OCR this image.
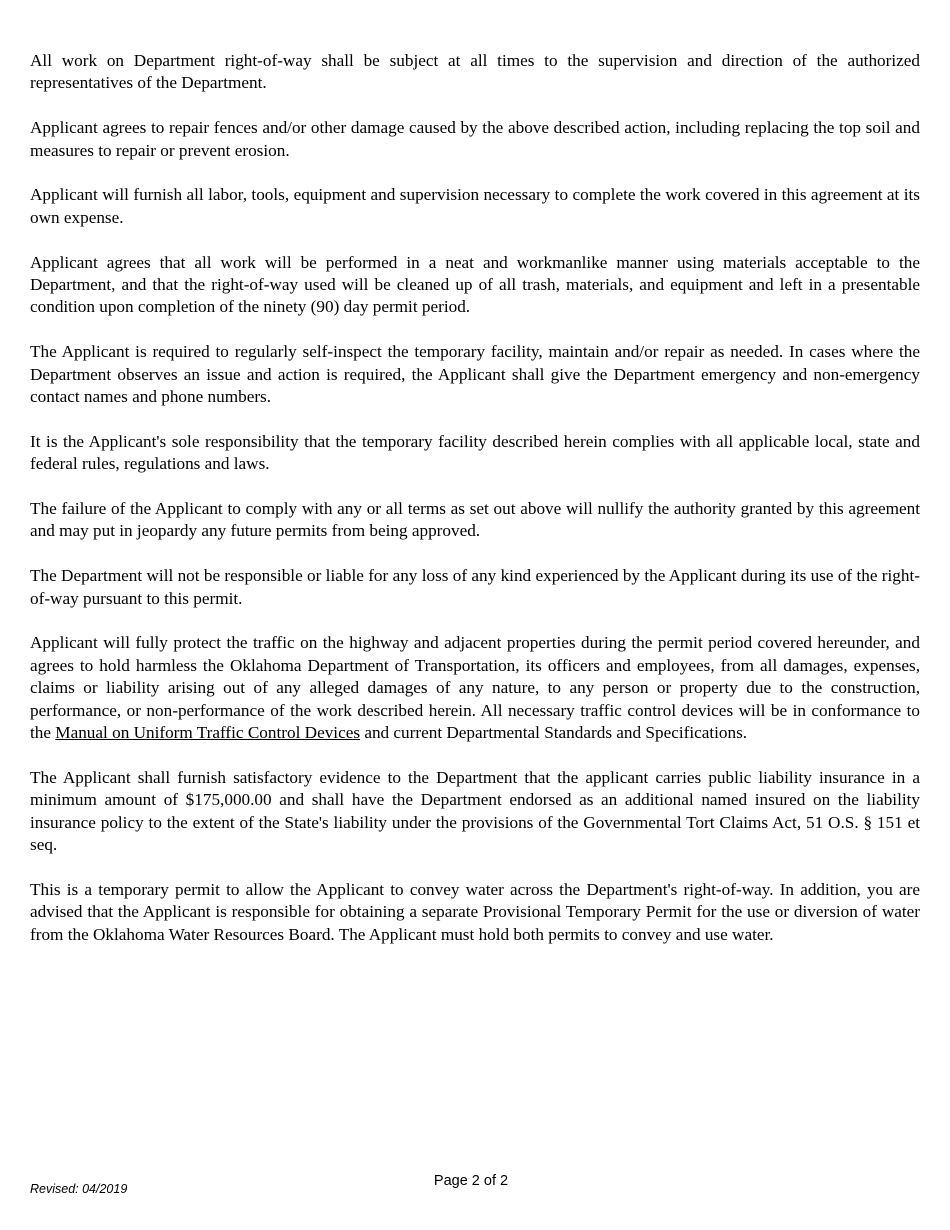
All work on Department right-of-way shall be subject at all times to the supervision and direction of the authorized representatives of the Department.

Applicant agrees to repair fences and/or other damage caused by the above described action, including replacing the top soil and measures to repair or prevent erosion.

Applicant will furnish all labor, tools, equipment and supervision necessary to complete the work covered in this agreement at its own expense.

Applicant agrees that all work will be performed in a neat and workmanlike manner using materials acceptable to the Department, and that the right-of-way used will be cleaned up of all trash, materials, and equipment and left in a presentable condition upon completion of the ninety (90) day permit period.

The Applicant is required to regularly self-inspect the temporary facility, maintain and/or repair as needed. In cases where the Department observes an issue and action is required, the Applicant shall give the Department emergency and non-emergency contact names and phone numbers.

It is the Applicant's sole responsibility that the temporary facility described herein complies with all applicable local, state and federal rules, regulations and laws.

The failure of the Applicant to comply with any or all terms as set out above will nullify the authority granted by this agreement and may put in jeopardy any future permits from being approved.

The Department will not be responsible or liable for any loss of any kind experienced by the Applicant during its use of the right-of-way pursuant to this permit.

Applicant will fully protect the traffic on the highway and adjacent properties during the permit period covered hereunder, and agrees to hold harmless the Oklahoma Department of Transportation, its officers and employees, from all damages, expenses, claims or liability arising out of any alleged damages of any nature, to any person or property due to the construction, performance, or non-performance of the work described herein. All necessary traffic control devices will be in conformance to the Manual on Uniform Traffic Control Devices and current Departmental Standards and Specifications.

The Applicant shall furnish satisfactory evidence to the Department that the applicant carries public liability insurance in a minimum amount of $175,000.00 and shall have the Department endorsed as an additional named insured on the liability insurance policy to the extent of the State's liability under the provisions of the Governmental Tort Claims Act, 51 O.S. § 151 et seq.

This is a temporary permit to allow the Applicant to convey water across the Department's right-of-way. In addition, you are advised that the Applicant is responsible for obtaining a separate Provisional Temporary Permit for the use or diversion of water from the Oklahoma Water Resources Board. The Applicant must hold both permits to convey and use water.

Revised: 04/2019	Page 2 of 2
